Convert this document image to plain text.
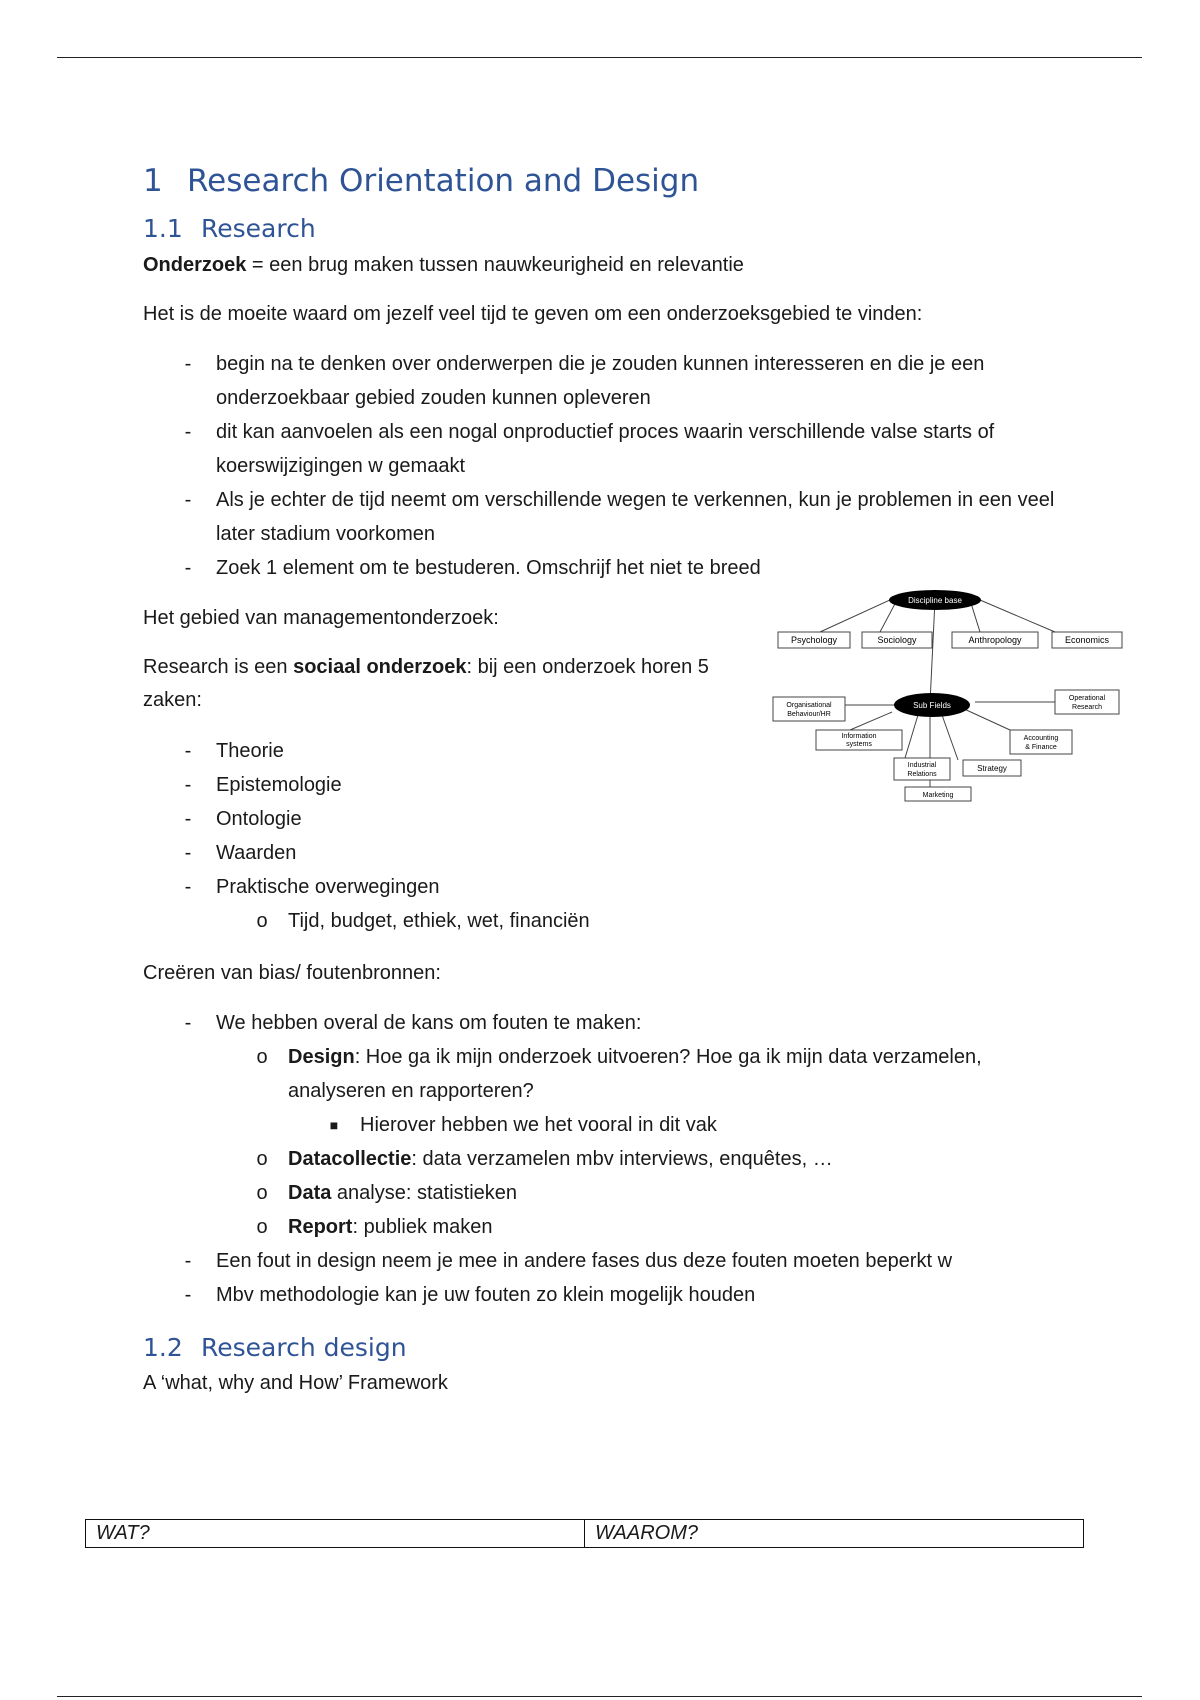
1 Research Orientation and Design
1.1 Research

Onderzoek = een brug maken tussen nauwkeurigheid en relevantie

Het is de moeite waard om jezelf veel tijd te geven om een onderzoeksgebied te vinden:

-	begin na te denken over onderwerpen die je zouden kunnen interesseren en die je een onderzoekbaar gebied zouden kunnen opleveren
-	dit kan aanvoelen als een nogal onproductief proces waarin verschillende valse starts of koerswijzigingen w gemaakt
-	Als je echter de tijd neemt om verschillende wegen te verkennen, kun je problemen in een veel later stadium voorkomen
-	Zoek 1 element om te bestuderen. Omschrijf het niet te breed

Het gebied van managementonderzoek:

Research is een sociaal onderzoek: bij een onderzoek horen 5 zaken:

-	Theorie
-	Epistemologie
-	Ontologie
-	Waarden
-	Praktische overwegingen
o Tijd, budget, ethiek, wet, financiën

Creëren van bias/ foutenbronnen:

-	We hebben overal de kans om fouten te maken:
o Design: Hoe ga ik mijn onderzoek uitvoeren? Hoe ga ik mijn data verzamelen, analyseren en rapporteren?
■ Hierover hebben we het vooral in dit vak
o Datacollectie: data verzamelen mbv interviews, enquêtes, …
o Data analyse: statistieken
o Report: publiek maken
-	Een fout in design neem je mee in andere fases dus deze fouten moeten beperkt w
-	Mbv methodologie kan je uw fouten zo klein mogelijk houden
1.2 Research design

A ‘what, why and How’ Framework

WAT?	WAAROM?
Discipline base
Sub Fields
Psychology	Sociology	Anthropology	Economics
Organisational Behaviour/HR
Information systems
Industrial Relations
Marketing
Strategy
Accounting & Finance
Operational Research
